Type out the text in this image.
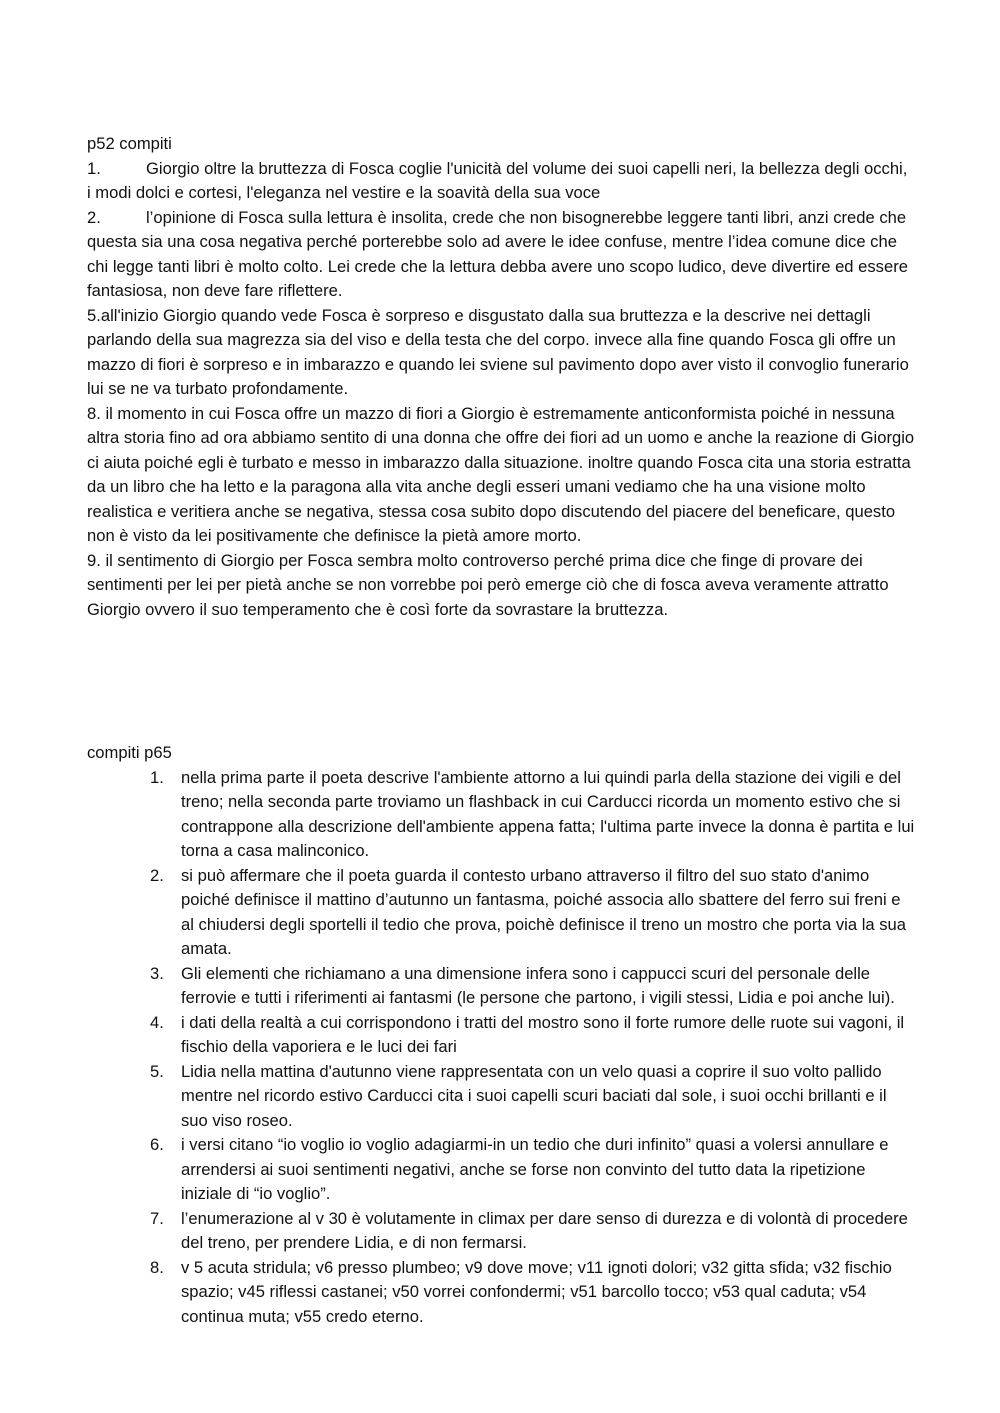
p52 compiti

1.	Giorgio oltre la bruttezza di Fosca coglie l'unicità del volume dei suoi capelli neri, la bellezza degli occhi, i modi dolci e cortesi, l'eleganza nel vestire e la soavità della sua voce

2.	l’opinione di Fosca sulla lettura è insolita, crede che non bisognerebbe leggere tanti libri, anzi crede che questa sia una cosa negativa perché porterebbe solo ad avere le idee confuse, mentre l’idea comune dice che chi legge tanti libri è molto colto. Lei crede che la lettura debba avere uno scopo ludico, deve divertire ed essere fantasiosa, non deve fare riflettere.

5.all'inizio Giorgio quando vede Fosca è sorpreso e disgustato dalla sua bruttezza e la descrive nei dettagli parlando della sua magrezza sia del viso e della testa che del corpo. invece alla fine quando Fosca gli offre un mazzo di fiori è sorpreso e in imbarazzo e quando lei sviene sul pavimento dopo aver visto il convoglio funerario lui se ne va turbato profondamente.

8. il momento in cui Fosca offre un mazzo di fiori a Giorgio è estremamente anticonformista poiché in nessuna altra storia fino ad ora abbiamo sentito di una donna che offre dei fiori ad un uomo e anche la reazione di Giorgio ci aiuta poiché egli è turbato e messo in imbarazzo dalla situazione. inoltre quando Fosca cita una storia estratta da un libro che ha letto e la paragona alla vita anche degli esseri umani vediamo che ha una visione molto realistica e veritiera anche se negativa, stessa cosa subito dopo discutendo del piacere del beneficare, questo non è visto da lei positivamente che definisce la pietà amore morto.

9. il sentimento di Giorgio per Fosca sembra molto controverso perché prima dice che finge di provare dei sentimenti per lei per pietà anche se non vorrebbe poi però emerge ciò che di fosca aveva veramente attratto Giorgio ovvero il suo temperamento che è così forte da sovrastare la bruttezza.

compiti p65

1. nella prima parte il poeta descrive l'ambiente attorno a lui quindi parla della stazione dei vigili e del treno; nella seconda parte troviamo un flashback in cui Carducci ricorda un momento estivo che si contrappone alla descrizione dell'ambiente appena fatta; l'ultima parte invece la donna è partita e lui torna a casa malinconico.
2. si può affermare che il poeta guarda il contesto urbano attraverso il filtro del suo stato d'animo poiché definisce il mattino d’autunno un fantasma, poiché associa allo sbattere del ferro sui freni e al chiudersi degli sportelli il tedio che prova, poichè definisce il treno un mostro che porta via la sua amata.
3. Gli elementi che richiamano a una dimensione infera sono i cappucci scuri del personale delle ferrovie e tutti i riferimenti ai fantasmi (le persone che partono, i vigili stessi, Lidia e poi anche lui).
4. i dati della realtà a cui corrispondono i tratti del mostro sono il forte rumore delle ruote sui vagoni, il fischio della vaporiera e le luci dei fari
5. Lidia nella mattina d'autunno viene rappresentata con un velo quasi a coprire il suo volto pallido mentre nel ricordo estivo Carducci cita i suoi capelli scuri baciati dal sole, i suoi occhi brillanti e il suo viso roseo.
6. i versi citano “io voglio io voglio adagiarmi-in un tedio che duri infinito” quasi a volersi annullare e arrendersi ai suoi sentimenti negativi, anche se forse non convinto del tutto data la ripetizione iniziale di “io voglio”.
7. l’enumerazione al v 30 è volutamente in climax per dare senso di durezza e di volontà di procedere del treno, per prendere Lidia, e di non fermarsi.
8. v 5 acuta stridula; v6 presso plumbeo; v9 dove move; v11 ignoti dolori; v32 gitta sfida; v32 fischio spazio; v45 riflessi castanei; v50 vorrei confondermi; v51 barcollo tocco; v53 qual caduta; v54 continua muta; v55 credo eterno.
